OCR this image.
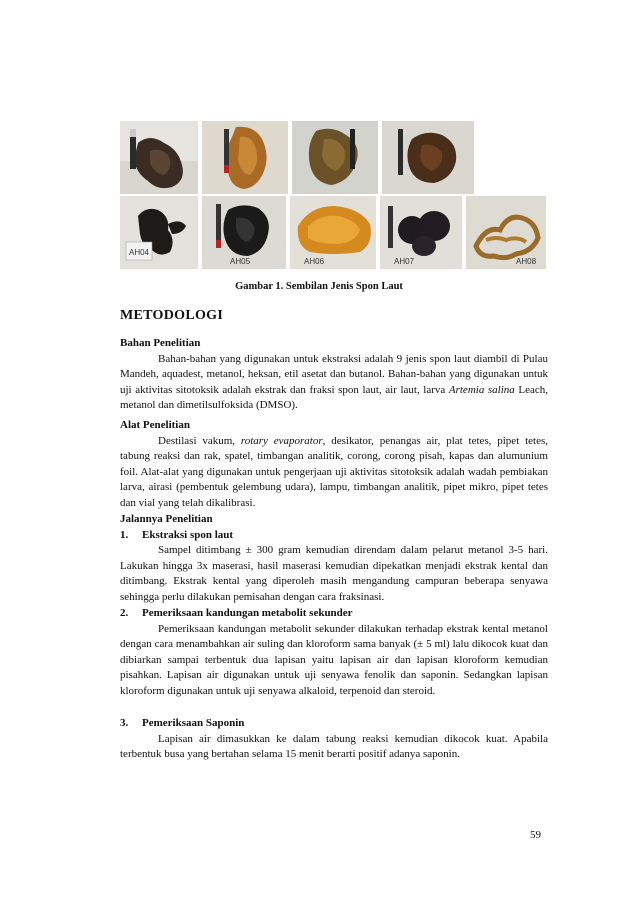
AH04
AH05	AH06	AH07	AH08
Gambar 1. Sembilan Jenis Spon Laut
METODOLOGI

Bahan Penelitian

Bahan-bahan yang digunakan untuk ekstraksi adalah 9 jenis spon laut diambil di Pulau Mandeh, aquadest, metanol, heksan, etil asetat dan butanol. Bahan-bahan yang digunakan untuk uji aktivitas sitotoksik adalah ekstrak dan fraksi spon laut, air laut, larva Artemia salina Leach, metanol dan dimetilsulfoksida (DMSO).

Alat Penelitian

Destilasi vakum, rotary evaporator, desikator, penangas air, plat tetes, pipet tetes, tabung reaksi dan rak, spatel, timbangan analitik, corong, corong pisah, kapas dan alumunium foil. Alat-alat yang digunakan untuk pengerjaan uji aktivitas sitotoksik adalah wadah pembiakan larva, airasi (pembentuk gelembung udara), lampu, timbangan analitik, pipet mikro, pipet tetes dan vial yang telah dikalibrasi.

Jalannya Penelitian

1. Ekstraksi spon laut

Sampel ditimbang ± 300 gram kemudian direndam dalam pelarut metanol 3-5 hari. Lakukan hingga 3x maserasi, hasil maserasi kemudian dipekatkan menjadi ekstrak kental dan ditimbang. Ekstrak kental yang diperoleh masih mengandung campuran beberapa senyawa sehingga perlu dilakukan pemisahan dengan cara fraksinasi.

2. Pemeriksaan kandungan metabolit sekunder

Pemeriksaan kandungan metabolit sekunder dilakukan terhadap ekstrak kental metanol dengan cara menambahkan air suling dan kloroform sama banyak (± 5 ml) lalu dikocok kuat dan dibiarkan sampai terbentuk dua lapisan yaitu lapisan air dan lapisan kloroform kemudian pisahkan. Lapisan air digunakan untuk uji senyawa fenolik dan saponin. Sedangkan lapisan kloroform digunakan untuk uji senyawa alkaloid, terpenoid dan steroid.

3. Pemeriksaan Saponin

Lapisan air dimasukkan ke dalam tabung reaksi kemudian dikocok kuat. Apabila terbentuk busa yang bertahan selama 15 menit berarti positif adanya saponin.

59
